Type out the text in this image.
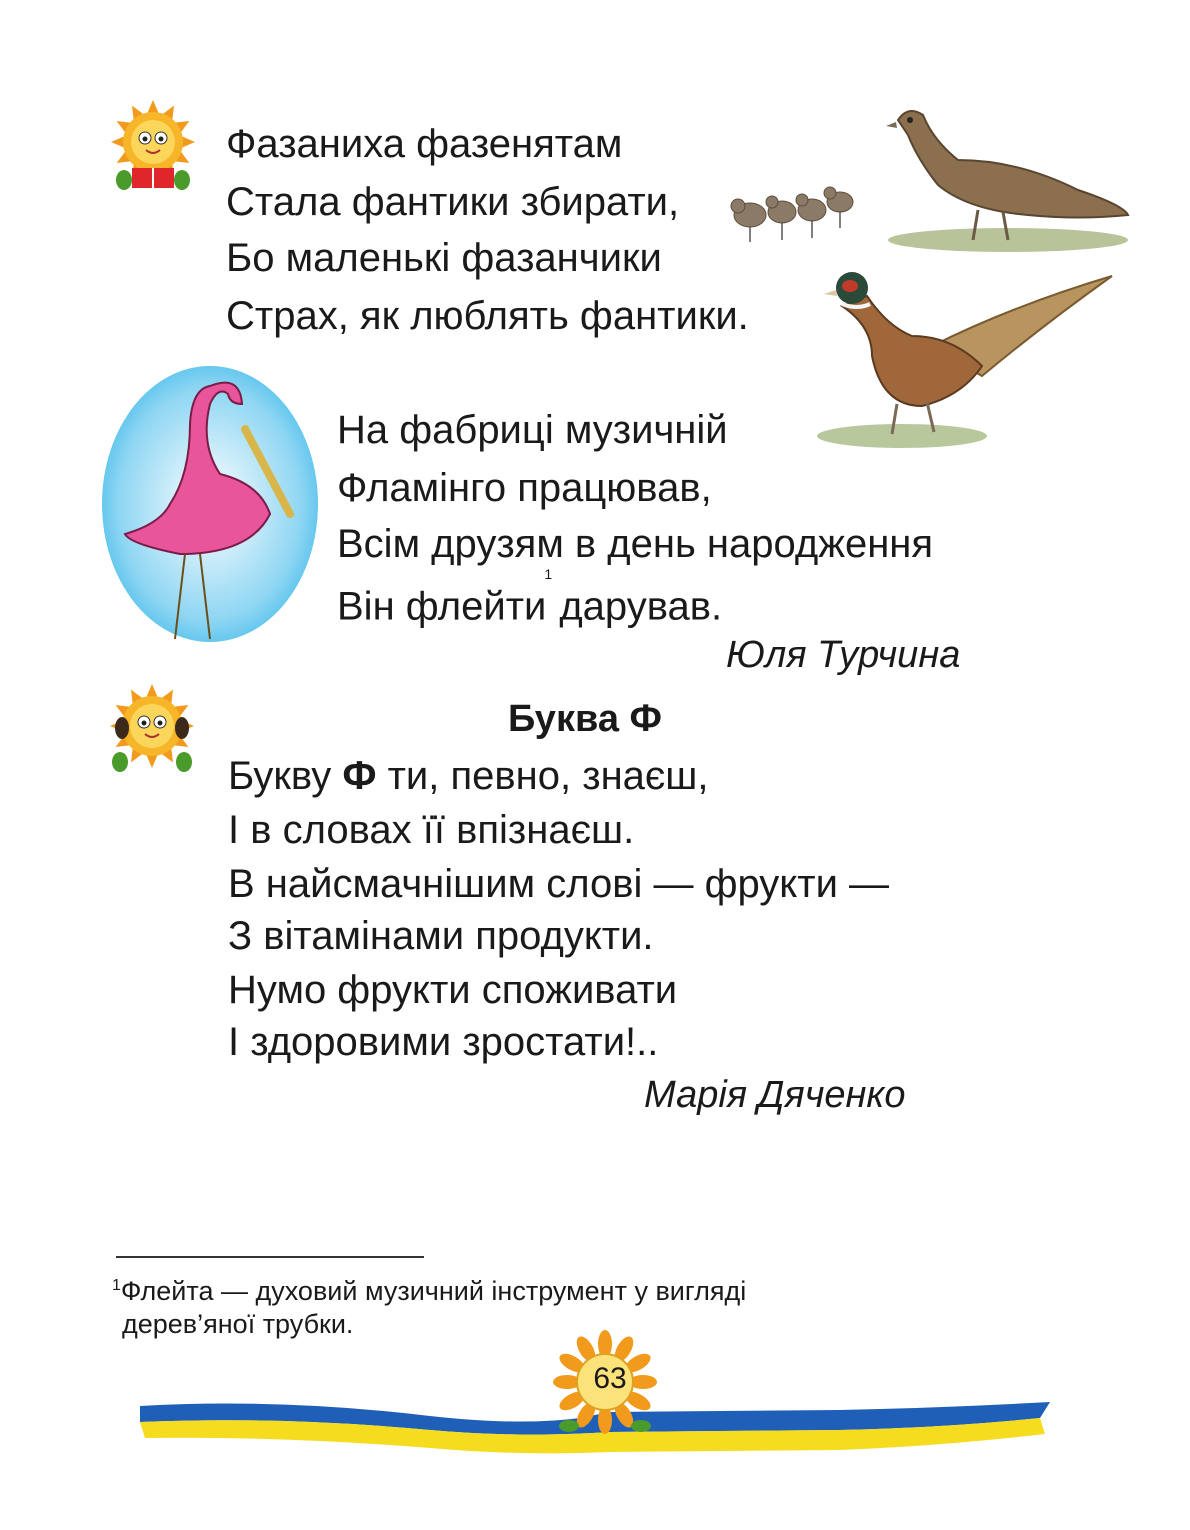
Фазаниха фазенятам
Стала фантики збирати,
Бо маленькі фазанчики
Страх, як люблять фантики.
На фабриці музичній
Фламінго працював,
Всім друзям в день народження
Він флейти$^1$ дарував.
Юля Турчина
Буква Ф
Букву Ф ти, певно, знаєш,
І в словах її впізнаєш.
В найсмачнішим слові — фрукти —
З вітамінами продукти.
Нумо фрукти споживати
І здоровими зростати!..
Марія Дяченко
$^1$Флейта — духовий музичний інструмент у вигляді
дерев’яної трубки.
63
